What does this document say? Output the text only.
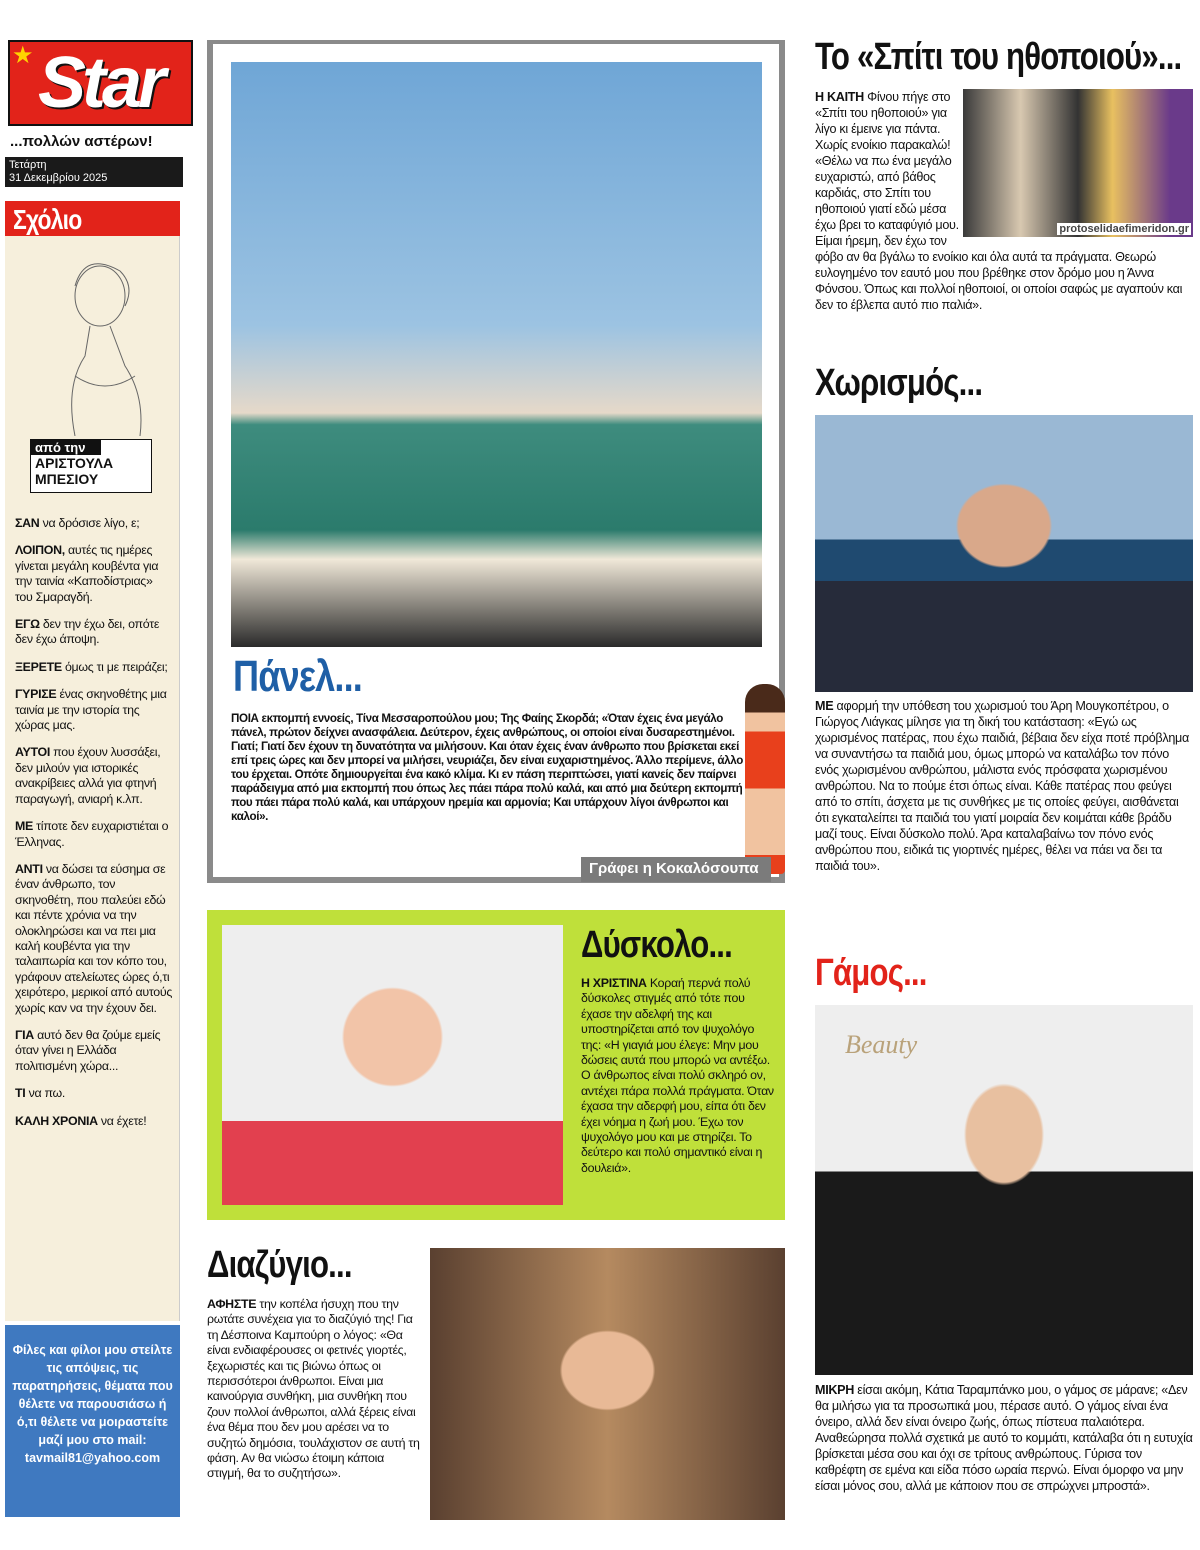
★ Star
...πολλών αστέρων!
Τετάρτη
31 Δεκεμβρίου 2025
Σχόλιο
από την
ΑΡΙΣΤΟΥΛΑ
ΜΠΕΣΙΟΥ

ΣΑΝ να δρόσισε λίγο, ε;

ΛΟΙΠΟΝ, αυτές τις ημέρες γίνεται μεγάλη κουβέντα για την ταινία «Καποδίστριας» του Σμαραγδή.

ΕΓΩ δεν την έχω δει, οπότε δεν έχω άποψη.

ΞΕΡΕΤΕ όμως τι με πειράζει;

ΓΥΡΙΣΕ ένας σκηνοθέτης μια ταινία με την ιστορία της χώρας μας.

ΑΥΤΟΙ που έχουν λυσσάξει, δεν μιλούν για ιστορικές ανακρίβειες αλλά για φτηνή παραγωγή, ανιαρή κ.λπ.

ΜΕ τίποτε δεν ευχαριστιέται ο Έλληνας.

ΑΝΤΙ να δώσει τα εύσημα σε έναν άνθρωπο, τον σκηνοθέτη, που παλεύει εδώ και πέντε χρόνια να την ολοκληρώσει και να πει μια καλή κουβέντα για την ταλαιπωρία και τον κόπο του, γράφουν ατελείωτες ώρες ό,τι χειρότερο, μερικοί από αυτούς χωρίς καν να την έχουν δει.

ΓΙΑ αυτό δεν θα ζούμε εμείς όταν γίνει η Ελλάδα πολιτισμένη χώρα...

ΤΙ να πω.

ΚΑΛΗ ΧΡΟΝΙΑ να έχετε!

Φίλες και φίλοι μου στείλτε τις απόψεις, τις παρατηρήσεις, θέματα που θέλετε να παρουσιάσω ή ό,τι θέλετε να μοιραστείτε μαζί μου στο mail:
tavmail81@yahoo.com
Πάνελ...

ΠΟΙΑ εκπομπή εννοείς, Τίνα Μεσσαροπούλου μου; Της Φαίης Σκορδά; «Όταν έχεις ένα μεγάλο πάνελ, πρώτον δείχνει ανασφάλεια. Δεύτερον, έχεις ανθρώπους, οι οποίοι είναι δυσαρεστημένοι. Γιατί; Γιατί δεν έχουν τη δυνατότητα να μιλήσουν. Και όταν έχεις έναν άνθρωπο που βρίσκεται εκεί επί τρεις ώρες και δεν μπορεί να μιλήσει, νευριάζει, δεν είναι ευχαριστημένος. Άλλο περίμενε, άλλο του έρχεται. Οπότε δημιουργείται ένα κακό κλίμα. Κι εν πάση περιπτώσει, γιατί κανείς δεν παίρνει παράδειγμα από μια εκπομπή που όπως λες πάει πάρα πολύ καλά, και από μια δεύτερη εκπομπή που πάει πάρα πολύ καλά, και υπάρχουν ηρεμία και αρμονία; Και υπάρχουν λίγοι άνθρωποι και καλοί».

Γράφει η Κοκαλόσουπα
Δύσκολο...

Η ΧΡΙΣΤΙΝΑ Κοραή περνά πολύ δύσκολες στιγμές από τότε που έχασε την αδελφή της και υποστηρίζεται από τον ψυχολόγο της: «Η γιαγιά μου έλεγε: Μην μου δώσεις αυτά που μπορώ να αντέξω. Ο άνθρωπος είναι πολύ σκληρό ον, αντέχει πάρα πολλά πράγματα. Όταν έχασα την αδερφή μου, είπα ότι δεν έχει νόημα η ζωή μου. Έχω τον ψυχολόγο μου και με στηρίζει. Το δεύτερο και πολύ σημαντικό είναι η δουλειά».

Διαζύγιο...

ΑΦΗΣΤΕ την κοπέλα ήσυχη που την ρωτάτε συνέχεια για το διαζύγιό της! Για τη Δέσποινα Καμπούρη ο λόγος: «Θα είναι ενδιαφέρουσες οι φετινές γιορτές, ξεχωριστές και τις βιώνω όπως οι περισσότεροι άνθρωποι. Είναι μια καινούργια συνθήκη, μια συνθήκη που ζουν πολλοί άνθρωποι, αλλά ξέρεις είναι ένα θέμα που δεν μου αρέσει να το συζητώ δημόσια, τουλάχιστον σε αυτή τη φάση. Αν θα νιώσω έτοιμη κάποια στιγμή, θα το συζητήσω».

Το «Σπίτι του ηθοποιού»...
protoselidaefimeridon.gr

Η ΚΑΙΤΗ Φίνου πήγε στο «Σπίτι του ηθοποιού» για λίγο κι έμεινε για πάντα. Χωρίς ενοίκιο παρακαλώ! «Θέλω να πω ένα μεγάλο ευχαριστώ, από βάθος καρδιάς, στο Σπίτι του ηθοποιού γιατί εδώ μέσα έχω βρει το καταφύγιό μου. Είμαι ήρεμη, δεν έχω τον φόβο αν θα βγάλω το ενοίκιο και όλα αυτά τα πράγματα. Θεωρώ ευλογημένο τον εαυτό μου που βρέθηκε στον δρόμο μου η Άννα Φόνσου. Όπως και πολλοί ηθοποιοί, οι οποίοι σαφώς με αγαπούν και δεν το έβλεπα αυτό πιο παλιά».

Χωρισμός...

ΜΕ αφορμή την υπόθεση του χωρισμού του Άρη Μουγκοπέτρου, ο Γιώργος Λιάγκας μίλησε για τη δική του κατάσταση: «Εγώ ως χωρισμένος πατέρας, που έχω παιδιά, βέβαια δεν είχα ποτέ πρόβλημα να συναντήσω τα παιδιά μου, όμως μπορώ να καταλάβω τον πόνο ενός χωρισμένου ανθρώπου, μάλιστα ενός πρόσφατα χωρισμένου ανθρώπου. Να το πούμε έτσι όπως είναι. Κάθε πατέρας που φεύγει από το σπίτι, άσχετα με τις συνθήκες με τις οποίες φεύγει, αισθάνεται ότι εγκαταλείπει τα παιδιά του γιατί μοιραία δεν κοιμάται κάθε βράδυ μαζί τους. Είναι δύσκολο πολύ. Άρα καταλαβαίνω τον πόνο ενός ανθρώπου που, ειδικά τις γιορτινές ημέρες, θέλει να πάει να δει τα παιδιά του».

Γάμος...
Beauty

ΜΙΚΡΗ είσαι ακόμη, Κάτια Ταραμπάνκο μου, ο γάμος σε μάρανε; «Δεν θα μιλήσω για τα προσωπικά μου, πέρασε αυτό. Ο γάμος είναι ένα όνειρο, αλλά δεν είναι όνειρο ζωής, όπως πίστευα παλαιότερα. Αναθεώρησα πολλά σχετικά με αυτό το κομμάτι, κατάλαβα ότι η ευτυχία βρίσκεται μέσα σου και όχι σε τρίτους ανθρώπους. Γύρισα τον καθρέφτη σε εμένα και είδα πόσο ωραία περνώ. Είναι όμορφο να μην είσαι μόνος σου, αλλά με κάποιον που σε σπρώχνει μπροστά».
